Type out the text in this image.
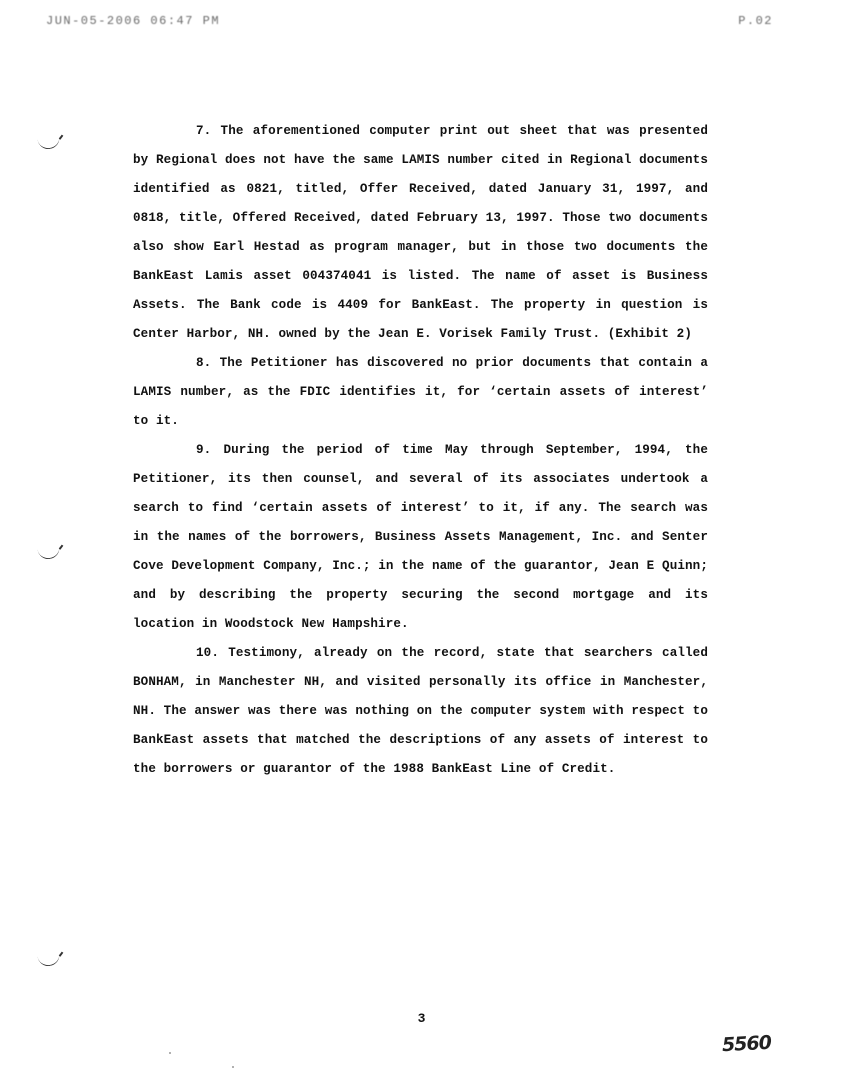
JUN-05-2006 06:47 PM	P.02

7. The aforementioned computer print out sheet that was presented by Regional does not have the same LAMIS number cited in Regional documents identified as 0821, titled, Offer Received, dated January 31, 1997, and 0818, title, Offered Received, dated February 13, 1997. Those two documents also show Earl Hestad as program manager, but in those two documents the BankEast Lamis asset 004374041 is listed. The name of asset is Business Assets. The Bank code is 4409 for BankEast. The property in question is Center Harbor, NH. owned by the Jean E. Vorisek Family Trust. (Exhibit 2)

8. The Petitioner has discovered no prior documents that contain a LAMIS number, as the FDIC identifies it, for ‘certain assets of interest’ to it.

9. During the period of time May through September, 1994, the Petitioner, its then counsel, and several of its associates undertook a search to find ‘certain assets of interest’ to it, if any. The search was in the names of the borrowers, Business Assets Management, Inc. and Senter Cove Development Company, Inc.; in the name of the guarantor, Jean E Quinn; and by describing the property securing the second mortgage and its location in Woodstock New Hampshire.

10. Testimony, already on the record, state that searchers called BONHAM, in Manchester NH, and visited personally its office in Manchester, NH. The answer was there was nothing on the computer system with respect to BankEast assets that matched the descriptions of any assets of interest to the borrowers or guarantor of the 1988 BankEast Line of Credit.

3
5560
